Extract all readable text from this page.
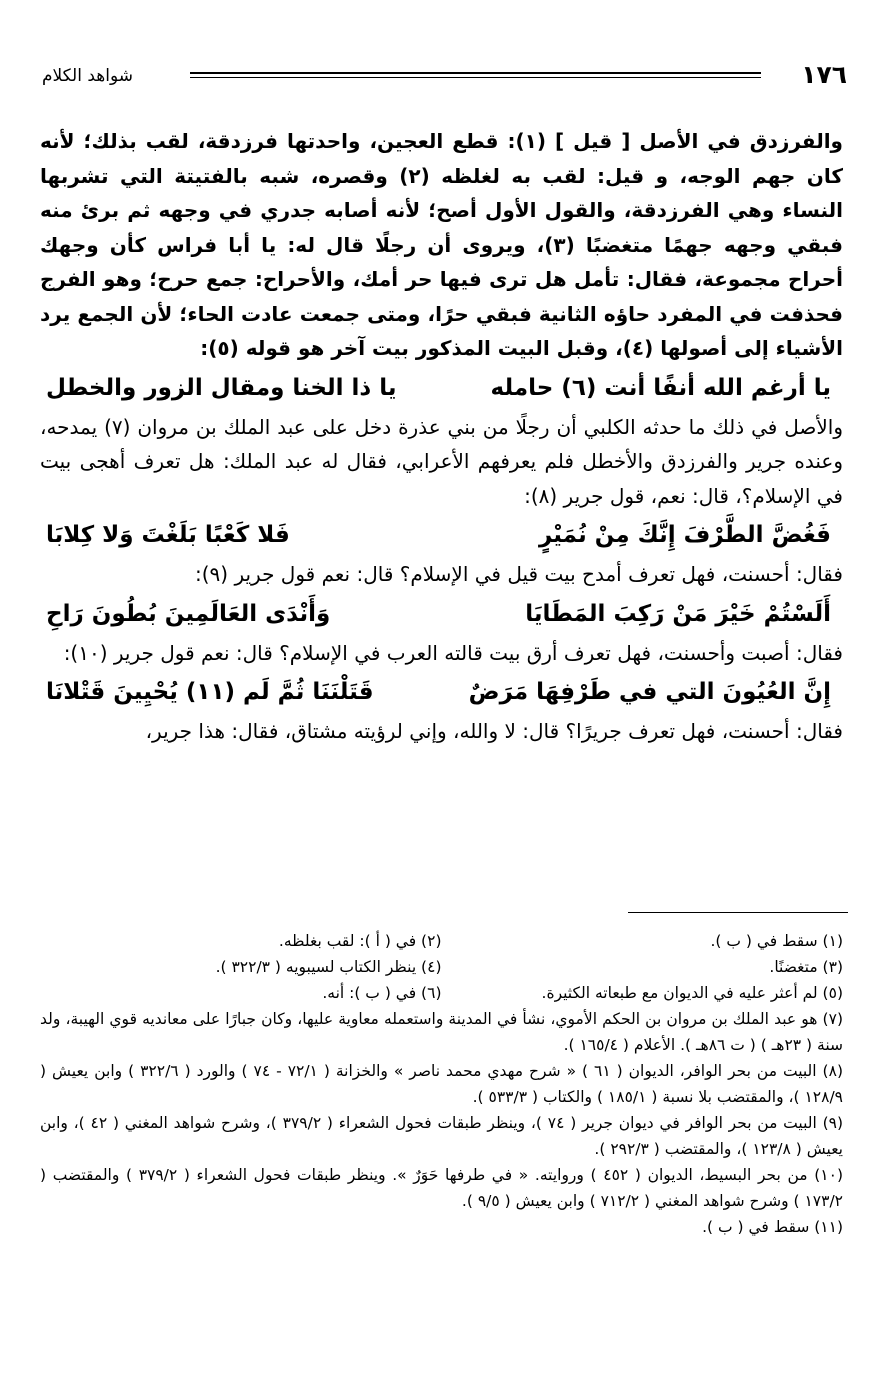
١٧٦
شواهد الكلام

والفرزدق في الأصل [ قيل ] (١): قطع العجين، واحدتها فرزدقة، لقب بذلك؛ لأنه كان جهم الوجه، و قيل: لقب به لغلظه (٢) وقصره، شبه بالفتيتة التي تشربها النساء وهي الفرزدقة، والقول الأول أصح؛ لأنه أصابه جدري في وجهه ثم برئ منه فبقي وجهه جهمًا متغضبًا (٣)، ويروى أن رجلًا قال له: يا أبا فراس كأن وجهك أحراح مجموعة، فقال: تأمل هل ترى فيها حر أمك، والأحراح: جمع حرح؛ وهو الفرج فحذفت في المفرد حاؤه الثانية فبقي حرًا، ومتى جمعت عادت الحاء؛ لأن الجمع يرد الأشياء إلى أصولها (٤)، وقبل البيت المذكور بيت آخر هو قوله (٥):

يا أرغم الله أنفًا أنت (٦) حامله
يا ذا الخنا ومقال الزور والخطل

والأصل في ذلك ما حدثه الكلبي أن رجلًا من بني عذرة دخل على عبد الملك بن مروان (٧) يمدحه، وعنده جرير والفرزدق والأخطل فلم يعرفهم الأعرابي، فقال له عبد الملك: هل تعرف أهجى بيت في الإسلام؟، قال: نعم، قول جرير (٨):

فَغُضَّ الطَّرْفَ إِنَّكَ مِنْ نُمَيْرٍ
فَلا كَعْبًا بَلَغْتَ وَلا كِلابَا

فقال: أحسنت، فهل تعرف أمدح بيت قيل في الإسلام؟ قال: نعم قول جرير (٩):

أَلَسْتُمْ خَيْرَ مَنْ رَكِبَ المَطَايَا
وَأَنْدَى العَالَمِينَ بُطُونَ رَاحِ

فقال: أصبت وأحسنت، فهل تعرف أرق بيت قالته العرب في الإسلام؟ قال: نعم قول جرير (١٠):

إِنَّ العُيُونَ التي في طَرْفِهَا مَرَضٌ
قَتَلْنَنَا ثُمَّ لَم (١١) يُحْيِينَ قَتْلانَا

فقال: أحسنت، فهل تعرف جريرًا؟ قال: لا والله، وإني لرؤيته مشتاق، فقال: هذا جرير،

(١) سقط في ( ب ).
(٢) في ( أ ): لقب بغلظه.
(٣) متغضنًا.
(٤) ينظر الكتاب لسيبويه ( ٣٢٢/٣ ).
(٥) لم أعثر عليه في الديوان مع طبعاته الكثيرة.
(٦) في ( ب ): أنه.
(٧) هو عبد الملك بن مروان بن الحكم الأموي، نشأ في المدينة واستعمله معاوية عليها، وكان جبارًا على معانديه قوي الهيبة، ولد سنة ( ٢٣هـ ) ( ت ٨٦هـ ). الأعلام ( ١٦٥/٤ ).
(٨) البيت من بحر الوافر، الديوان ( ٦١ ) « شرح مهدي محمد ناصر » والخزانة ( ٧٢/١ - ٧٤ ) والورد ( ٣٢٢/٦ ) وابن يعيش ( ١٢٨/٩ )، والمقتضب بلا نسبة ( ١٨٥/١ ) والكتاب ( ٥٣٣/٣ ).
(٩) البيت من بحر الوافر في ديوان جرير ( ٧٤ )، وينظر طبقات فحول الشعراء ( ٣٧٩/٢ )، وشرح شواهد المغني ( ٤٢ )، وابن يعيش ( ١٢٣/٨ )، والمقتضب ( ٢٩٢/٣ ).
(١٠) من بحر البسيط، الديوان ( ٤٥٢ ) وروايته. « في طرفها حَوَرٌ ». وينظر طبقات فحول الشعراء ( ٣٧٩/٢ ) والمقتضب ( ١٧٣/٢ ) وشرح شواهد المغني ( ٧١٢/٢ ) وابن يعيش ( ٩/٥ ).
(١١) سقط في ( ب ).
